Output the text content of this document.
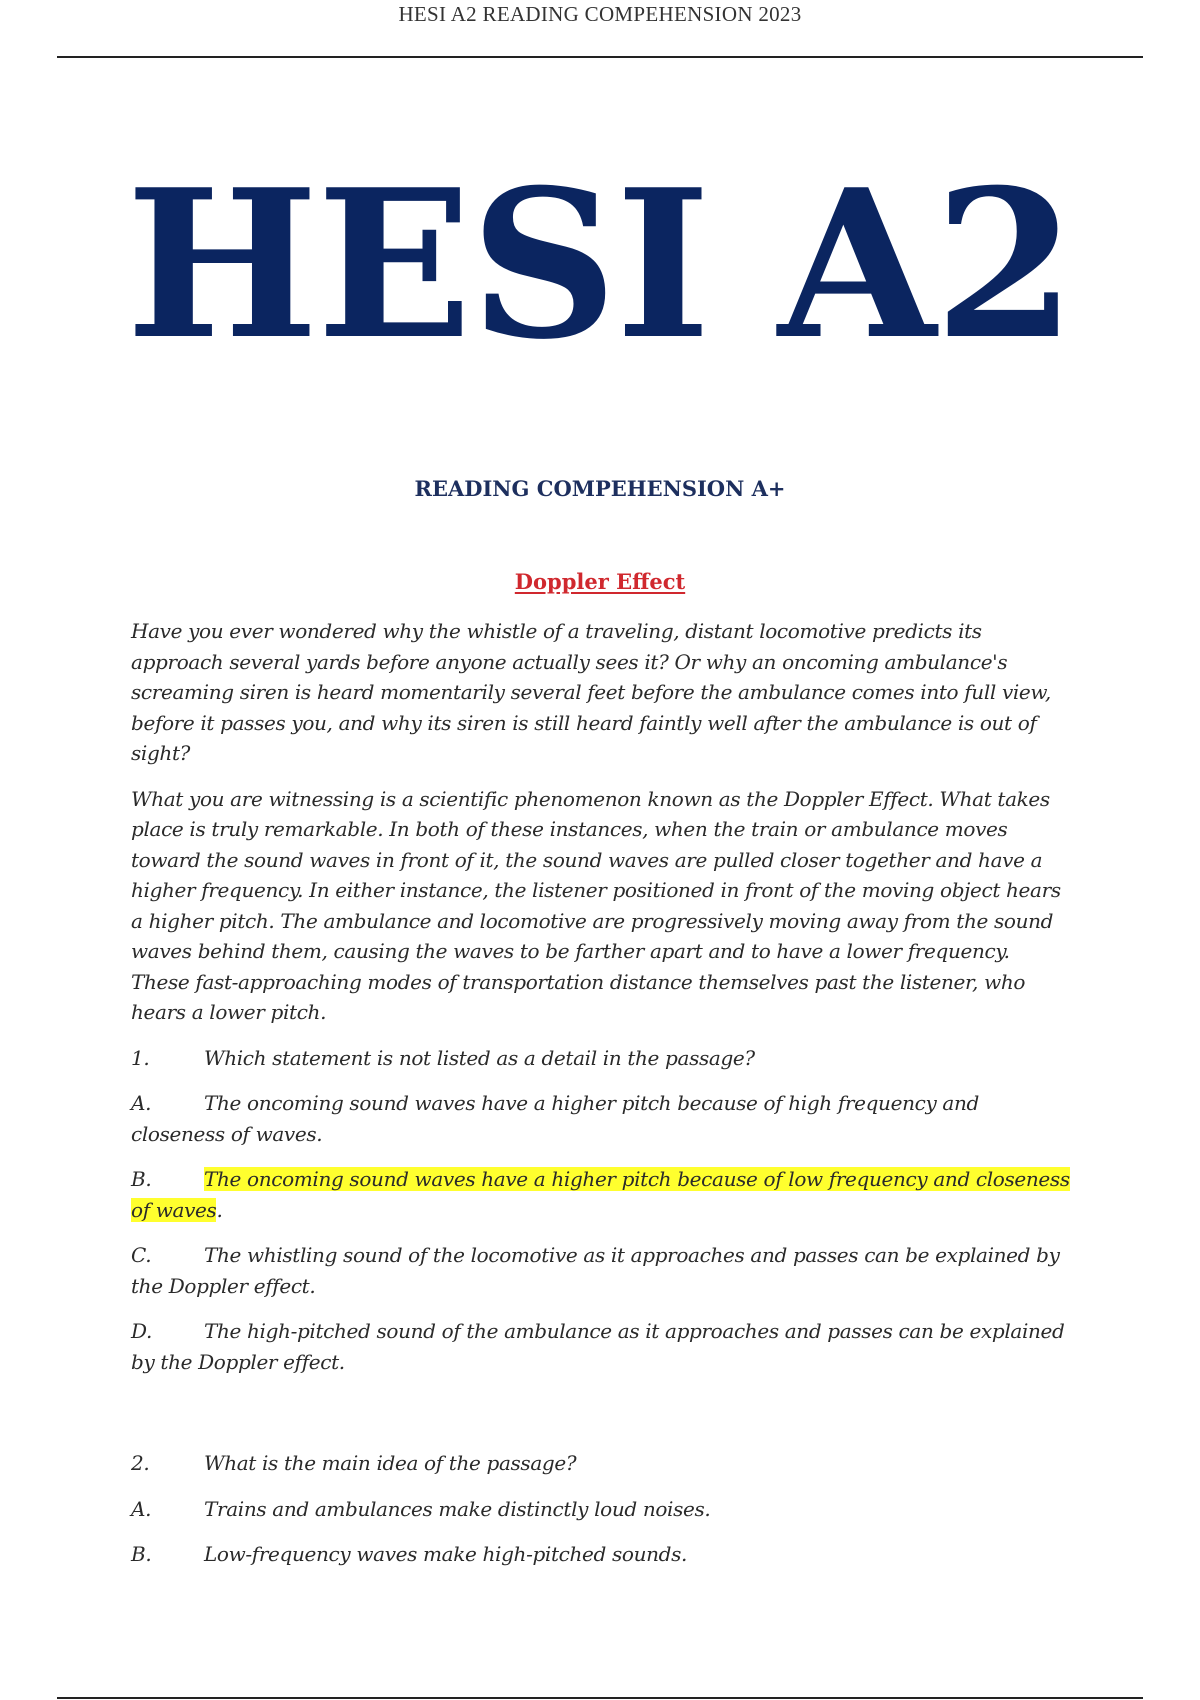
HESI A2 READING COMPEHENSION 2023
HESI A2
READING COMPEHENSION A+
Doppler Effect

Have you ever wondered why the whistle of a traveling, distant locomotive predicts its approach several yards before anyone actually sees it? Or why an oncoming ambulance's screaming siren is heard momentarily several feet before the ambulance comes into full view, before it passes you, and why its siren is still heard faintly well after the ambulance is out of sight?

What you are witnessing is a scientific phenomenon known as the Doppler Effect. What takes place is truly remarkable. In both of these instances, when the train or ambulance moves toward the sound waves in front of it, the sound waves are pulled closer together and have a higher frequency. In either instance, the listener positioned in front of the moving object hears a higher pitch. The ambulance and locomotive are progressively moving away from the sound waves behind them, causing the waves to be farther apart and to have a lower frequency. These fast-approaching modes of transportation distance themselves past the listener, who hears a lower pitch.

1.	Which statement is not listed as a detail in the passage?
A.	The oncoming sound waves have a higher pitch because of high frequency and closeness of waves.
B.	The oncoming sound waves have a higher pitch because of low frequency and closeness of waves.
C.	The whistling sound of the locomotive as it approaches and passes can be explained by the Doppler effect.
D.	The high-pitched sound of the ambulance as it approaches and passes can be explained by the Doppler effect.
2.	What is the main idea of the passage?
A.	Trains and ambulances make distinctly loud noises.
B.	Low-frequency waves make high-pitched sounds.
